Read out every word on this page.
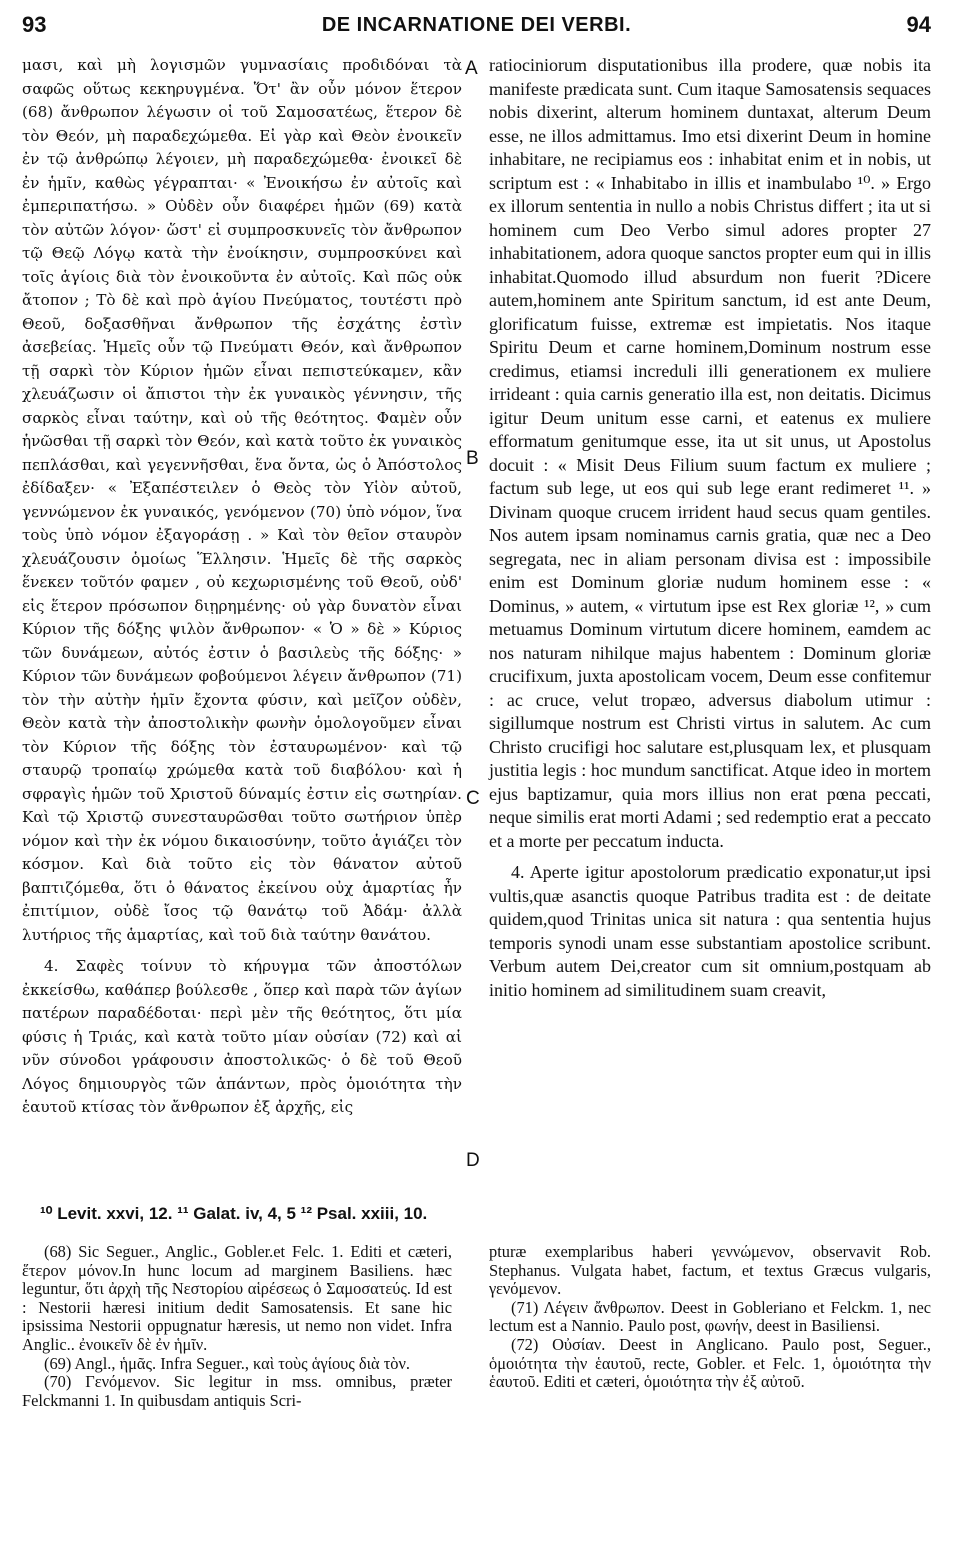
93	DE INCARNATIONE DEI VERBI.	94

μασι, καὶ μὴ λογισμῶν γυμνασίαις προδιδόναι τὰ σαφῶς οὕτως κεκηρυγμένα. Ὅτ' ἂν οὖν μόνον ἕτερον (68) ἄνθρωπον λέγωσιν οἱ τοῦ Σαμοσατέως, ἕτερον δὲ τὸν Θεόν, μὴ παραδεχώμεθα. Εἰ γὰρ καὶ Θεὸν ἐνοικεῖν ἐν τῷ ἀνθρώπῳ λέγοιεν, μὴ παραδεχώμεθα· ἐνοικεῖ δὲ ἐν ἡμῖν, καθὼς γέγραπται· « Ἐνοικήσω ἐν αὐτοῖς καὶ ἐμπεριπατήσω. » Οὐδὲν οὖν διαφέρει ἡμῶν (69) κατὰ τὸν αὐτῶν λόγον· ὥστ' εἰ συμπροσκυνεῖς τὸν ἄνθρωπον τῷ Θεῷ Λόγῳ κατὰ τὴν ἐνοίκησιν, συμπροσκύνει καὶ τοῖς ἁγίοις διὰ τὸν ἐνοικοῦντα ἐν αὐτοῖς. Καὶ πῶς οὐκ ἄτοπον ; Τὸ δὲ καὶ πρὸ ἁγίου Πνεύματος, τουτέστι πρὸ Θεοῦ, δοξασθῆναι ἄνθρωπον τῆς ἐσχάτης ἐστὶν ἀσεβείας. Ἡμεῖς οὖν τῷ Πνεύματι Θεόν, καὶ ἄνθρωπον τῇ σαρκὶ τὸν Κύριον ἡμῶν εἶναι πεπιστεύκαμεν, κἂν χλευάζωσιν οἱ ἄπιστοι τὴν ἐκ γυναικὸς γέννησιν, τῆς σαρκὸς εἶναι ταύτην, καὶ οὐ τῆς θεότητος. Φαμὲν οὖν ἡνῶσθαι τῇ σαρκὶ τὸν Θεόν, καὶ κατὰ τοῦτο ἐκ γυναικὸς πεπλάσθαι, καὶ γεγεννῆσθαι, ἕνα ὄντα, ὡς ὁ Ἀπόστολος ἐδίδαξεν· « Ἐξαπέστειλεν ὁ Θεὸς τὸν Υἱὸν αὐτοῦ, γεννώμενον ἐκ γυναικός, γενόμενον (70) ὑπὸ νόμον, ἵνα τοὺς ὑπὸ νόμον ἐξαγοράσῃ . » Καὶ τὸν θεῖον σταυρὸν χλευάζουσιν ὁμοίως Ἕλλησιν. Ἡμεῖς δὲ τῆς σαρκὸς ἕνεκεν τοῦτόν φαμεν , οὐ κεχωρισμένης τοῦ Θεοῦ, οὐδ' εἰς ἕτερον πρόσωπον διῃρημένης· οὐ γὰρ δυνατὸν εἶναι Κύριον τῆς δόξης ψιλὸν ἄνθρωπον· « Ὁ » δὲ » Κύριος τῶν δυνάμεων, αὐτός ἐστιν ὁ βασιλεὺς τῆς δόξης· » Κύριον τῶν δυνάμεων φοβούμενοι λέγειν ἄνθρωπον (71) τὸν τὴν αὐτὴν ἡμῖν ἔχοντα φύσιν, καὶ μεῖζον οὐδὲν, Θεὸν κατὰ τὴν ἀποστολικὴν φωνὴν ὁμολογοῦμεν εἶναι τὸν Κύριον τῆς δόξης τὸν ἐσταυρωμένον· καὶ τῷ σταυρῷ τροπαίῳ χρώμεθα κατὰ τοῦ διαβόλου· καὶ ἡ σφραγὶς ἡμῶν τοῦ Χριστοῦ δύναμίς ἐστιν εἰς σωτηρίαν. Καὶ τῷ Χριστῷ συνεσταυρῶσθαι τοῦτο σωτήριον ὑπὲρ νόμον καὶ τὴν ἐκ νόμου δικαιοσύνην, τοῦτο ἁγιάζει τὸν κόσμον. Καὶ διὰ τοῦτο εἰς τὸν θάνατον αὐτοῦ βαπτιζόμεθα, ὅτι ὁ θάνατος ἐκείνου οὐχ ἁμαρτίας ἦν ἐπιτίμιον, οὐδὲ ἴσος τῷ θανάτῳ τοῦ Ἀδάμ· ἀλλὰ λυτήριος τῆς ἁμαρτίας, καὶ τοῦ διὰ ταύτην θανάτου.

4. Σαφὲς τοίνυν τὸ κήρυγμα τῶν ἀποστόλων ἐκκείσθω, καθάπερ βούλεσθε , ὅπερ καὶ παρὰ τῶν ἁγίων πατέρων παραδέδοται· περὶ μὲν τῆς θεότητος, ὅτι μία φύσις ἡ Τριάς, καὶ κατὰ τοῦτο μίαν οὐσίαν (72) καὶ αἱ νῦν σύνοδοι γράφουσιν ἀποστολικῶς· ὁ δὲ τοῦ Θεοῦ Λόγος δημιουργὸς τῶν ἁπάντων, πρὸς ὁμοιότητα τὴν ἑαυτοῦ κτίσας τὸν ἄνθρωπον ἐξ ἀρχῆς, εἰς

A
B
C
D

ratiociniorum disputationibus illa prodere, quæ nobis ita manifeste prædicata sunt. Cum itaque Samosatensis sequaces nobis dixerint, alterum hominem duntaxat, alterum Deum esse, ne illos admittamus. Imo etsi dixerint Deum in homine inhabitare, ne recipiamus eos : inhabitat enim et in nobis, ut scriptum est : « Inhabitabo in illis et inambulabo ¹⁰. » Ergo ex illorum sententia in nullo a nobis Christus differt ; ita ut si hominem cum Deo Verbo simul adores propter 27 inhabitationem, adora quoque sanctos propter eum qui in illis inhabitat.Quomodo illud absurdum non fuerit ?Dicere autem,hominem ante Spiritum sanctum, id est ante Deum, glorificatum fuisse, extremæ est impietatis. Nos itaque Spiritu Deum et carne hominem,Dominum nostrum esse credimus, etiamsi increduli illi generationem ex muliere irrideant : quia carnis generatio illa est, non deitatis. Dicimus igitur Deum unitum esse carni, et eatenus ex muliere efformatum genitumque esse, ita ut sit unus, ut Apostolus docuit : « Misit Deus Filium suum factum ex muliere ; factum sub lege, ut eos qui sub lege erant redimeret ¹¹. » Divinam quoque crucem irrident haud secus quam gentiles. Nos autem ipsam nominamus carnis gratia, quæ nec a Deo segregata, nec in aliam personam divisa est : impossibile enim est Dominum gloriæ nudum hominem esse : « Dominus, » autem, « virtutum ipse est Rex gloriæ ¹², » cum metuamus Dominum virtutum dicere hominem, eamdem ac nos naturam nihilque majus habentem : Dominum gloriæ crucifixum, juxta apostolicam vocem, Deum esse confitemur : ac cruce, velut tropæo, adversus diabolum utimur : sigillumque nostrum est Christi virtus in salutem. Ac cum Christo crucifigi hoc salutare est,plusquam lex, et plusquam justitia legis : hoc mundum sanctificat. Atque ideo in mortem ejus baptizamur, quia mors illius non erat pœna peccati, neque similis erat morti Adami ; sed redemptio erat a peccato et a morte per peccatum inducta.

4. Aperte igitur apostolorum prædicatio exponatur,ut ipsi vultis,quæ asanctis quoque Patribus tradita est : de deitate quidem,quod Trinitas unica sit natura : qua sententia hujus temporis synodi unam esse substantiam apostolice scribunt. Verbum autem Dei,creator cum sit omnium,postquam ab initio hominem ad similitudinem suam creavit,

¹⁰ Levit. xxvi, 12. ¹¹ Galat. iv, 4, 5 ¹² Psal. xxiii, 10.

(68) Sic Seguer., Anglic., Gobler.et Felc. 1. Editi et cæteri, ἕτερον μόνον.In hunc locum ad marginem Basiliens. hæc leguntur, ὅτι ἀρχὴ τῆς Νεστορίου αἱρέσεως ὁ Σαμοσατεύς. Id est : Nestorii hæresi initium dedit Samosatensis. Et sane hic ipsissima Nestorii oppugnatur hæresis, ut nemo non videt. Infra Anglic.. ἐνοικεῖν δὲ ἐν ἡμῖν.

(69) Angl., ἡμᾶς. Infra Seguer., καὶ τοὺς ἁγίους διὰ τὸν.

(70) Γενόμενον. Sic legitur in mss. omnibus, præter Felckmanni 1. In quibusdam antiquis Scri-

pturæ exemplaribus haberi γεννώμενον, observavit Rob. Stephanus. Vulgata habet, factum, et textus Græcus vulgaris, γενόμενον.

(71) Λέγειν ἄνθρωπον. Deest in Gobleriano et Felckm. 1, nec lectum est a Nannio. Paulo post, φωνήν, deest in Basiliensi.

(72) Οὐσίαν. Deest in Anglicano. Paulo post, Seguer., ὁμοιότητα τὴν ἑαυτοῦ, recte, Gobler. et Felc. 1, ὁμοιότητα τὴν ἑαυτοῦ. Editi et cæteri, ὁμοιότητα τὴν ἐξ αὐτοῦ.
